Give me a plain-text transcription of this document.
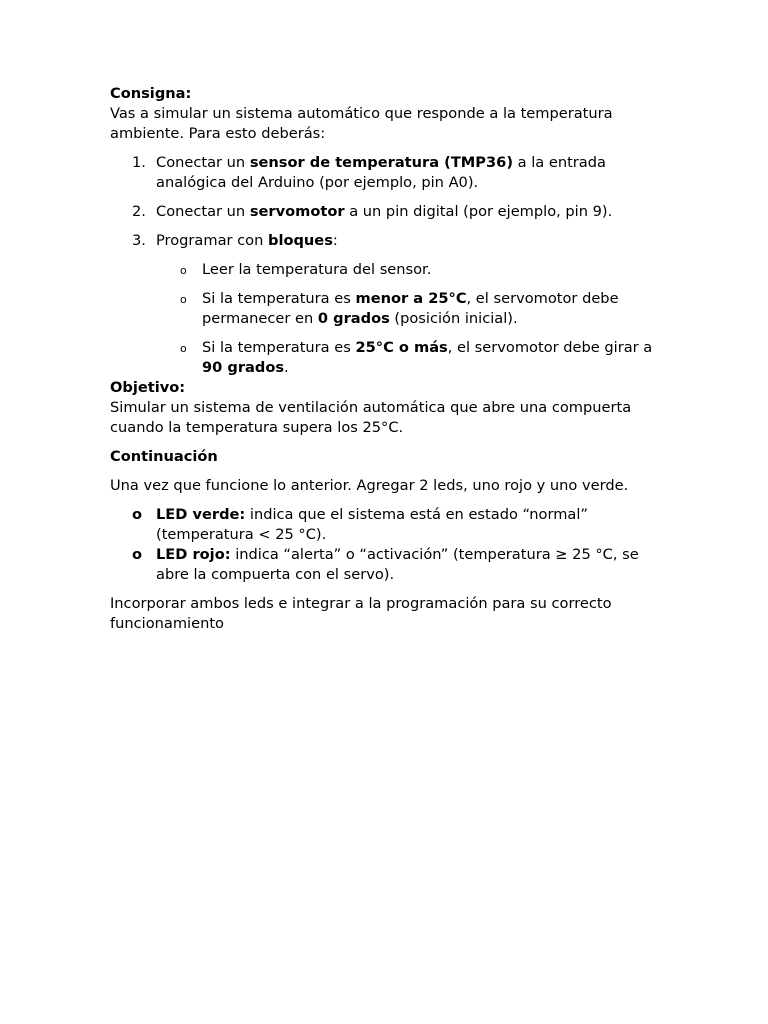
Consigna:

Vas a simular un sistema automático que responde a la temperatura ambiente. Para esto deberás:

1. Conectar un sensor de temperatura (TMP36) a la entrada analógica del Arduino (por ejemplo, pin A0).
2. Conectar un servomotor a un pin digital (por ejemplo, pin 9).
3. Programar con bloques:
o Leer la temperatura del sensor.
o Si la temperatura es menor a 25°C, el servomotor debe permanecer en 0 grados (posición inicial).
o Si la temperatura es 25°C o más, el servomotor debe girar a 90 grados.

Objetivo:

Simular un sistema de ventilación automática que abre una compuerta cuando la temperatura supera los 25°C.

Continuación

Una vez que funcione lo anterior. Agregar 2 leds, uno rojo y uno verde.

o LED verde: indica que el sistema está en estado “normal” (temperatura < 25 °C).
o LED rojo: indica “alerta” o “activación” (temperatura ≥ 25 °C, se abre la compuerta con el servo).

Incorporar ambos leds e integrar a la programación para su correcto funcionamiento
